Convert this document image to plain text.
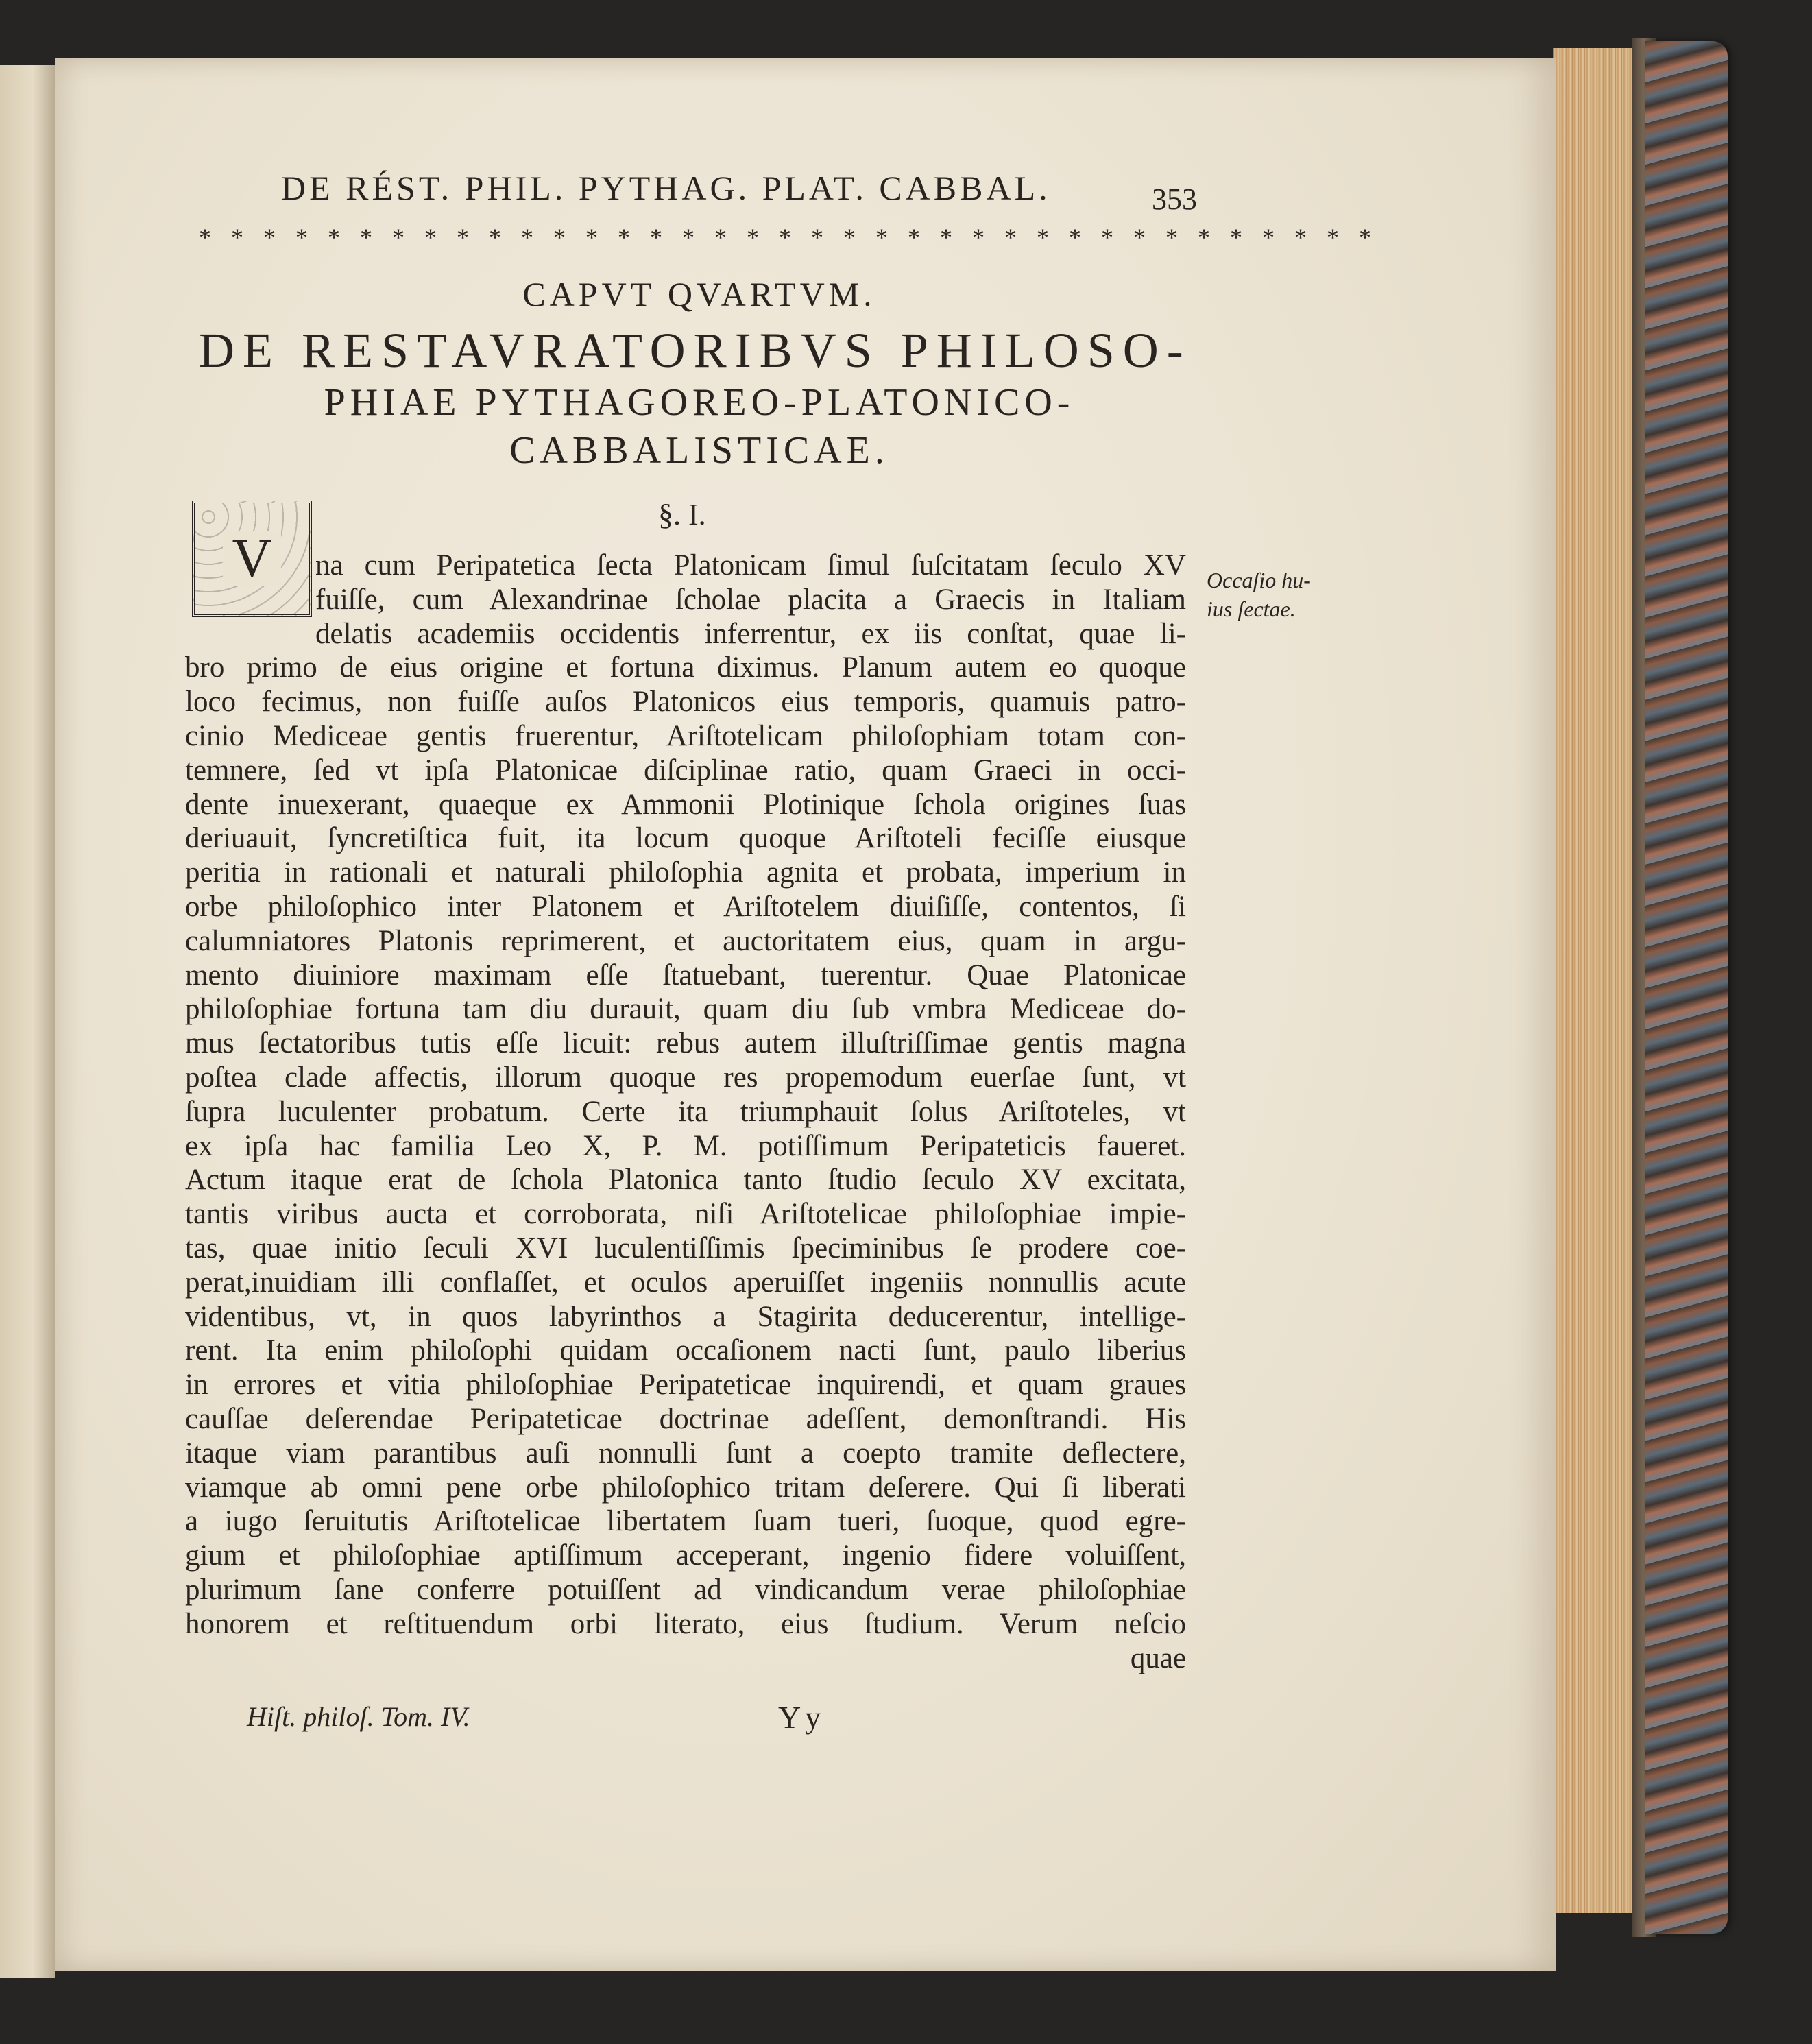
DE RÉST. PHIL. PYTHAG. PLAT. CABBAL.	353
* * * * * * * * * * * * * * * * * * * * * * * * * * * * * * * * * * * * *
CAPVT QVARTVM.
DE RESTAVRATORIBVS PHILOSO-
PHIAE PYTHAGOREO-PLATONICO-
CABBALISTICAE.
§. I.
V	na cum Peripatetica ſecta Platonicam ſimul ſuſcitatam ſeculo XV
fuiſſe, cum Alexandrinae ſcholae placita a Graecis in Italiam
delatis academiis occidentis inferrentur, ex iis conſtat, quae li-
bro primo de eius origine et fortuna diximus. Planum autem eo quoque
loco fecimus, non fuiſſe auſos Platonicos eius temporis, quamuis patro-
cinio Mediceae gentis fruerentur, Ariſtotelicam philoſophiam totam con-
temnere, ſed vt ipſa Platonicae diſciplinae ratio, quam Graeci in occi-
dente inuexerant, quaeque ex Ammonii Plotinique ſchola origines ſuas
deriuauit, ſyncretiſtica fuit, ita locum quoque Ariſtoteli feciſſe eiusque
peritia in rationali et naturali philoſophia agnita et probata, imperium in
orbe philoſophico inter Platonem et Ariſtotelem diuiſiſſe, contentos, ſi
calumniatores Platonis reprimerent, et auctoritatem eius, quam in argu-
mento diuiniore maximam eſſe ſtatuebant, tuerentur. Quae Platonicae
philoſophiae fortuna tam diu durauit, quam diu ſub vmbra Mediceae do-
mus ſectatoribus tutis eſſe licuit: rebus autem illuſtriſſimae gentis magna
poſtea clade affectis, illorum quoque res propemodum euerſae ſunt, vt
ſupra luculenter probatum. Certe ita triumphauit ſolus Ariſtoteles, vt
ex ipſa hac familia Leo X, P. M. potiſſimum Peripateticis faueret.
Actum itaque erat de ſchola Platonica tanto ſtudio ſeculo XV excitata,
tantis viribus aucta et corroborata, niſi Ariſtotelicae philoſophiae impie-
tas, quae initio ſeculi XVI luculentiſſimis ſpeciminibus ſe prodere coe-
perat,inuidiam illi conflaſſet, et oculos aperuiſſet ingeniis nonnullis acute
videntibus, vt, in quos labyrinthos a Stagirita deducerentur, intellige-
rent. Ita enim philoſophi quidam occaſionem nacti ſunt, paulo liberius
in errores et vitia philoſophiae Peripateticae inquirendi, et quam graues
cauſſae deſerendae Peripateticae doctrinae adeſſent, demonſtrandi. His
itaque viam parantibus auſi nonnulli ſunt a coepto tramite deflectere,
viamque ab omni pene orbe philoſophico tritam deſerere. Qui ſi liberati
a iugo ſeruitutis Ariſtotelicae libertatem ſuam tueri, ſuoque, quod egre-
gium et philoſophiae aptiſſimum acceperant, ingenio fidere voluiſſent,
plurimum ſane conferre potuiſſent ad vindicandum verae philoſophiae
honorem et reſtituendum orbi literato, eius ſtudium. Verum neſcio
quae
Occaſio hu-
ius ſectae.
Hiſt. philoſ. Tom. IV.	Yy
